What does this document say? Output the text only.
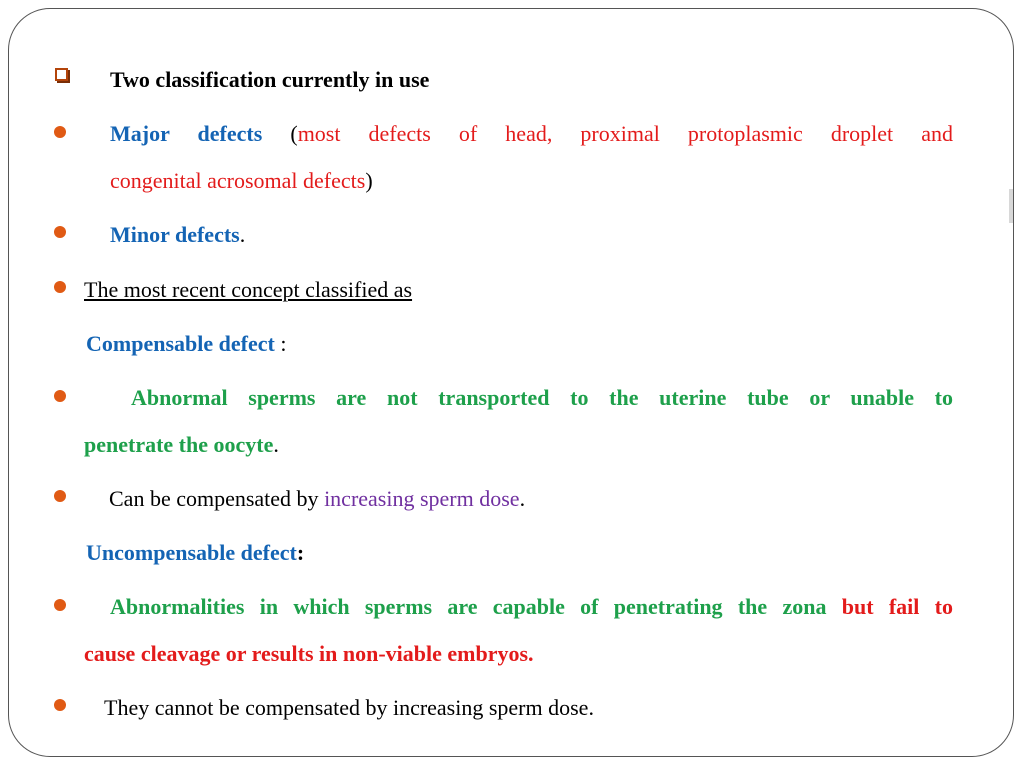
Two classification currently in use
Major defects (most defects of head, proximal protoplasmic droplet and
congenital acrosomal defects)
Minor defects.
The most recent concept classified as
Compensable defect :
Abnormal sperms are not transported to the uterine tube or unable to
penetrate the oocyte.
Can be compensated by increasing sperm dose.
Uncompensable defect:
Abnormalities in which sperms are capable of penetrating the zona but fail to
cause cleavage or results in non-viable embryos.
They cannot be compensated by increasing sperm dose.
